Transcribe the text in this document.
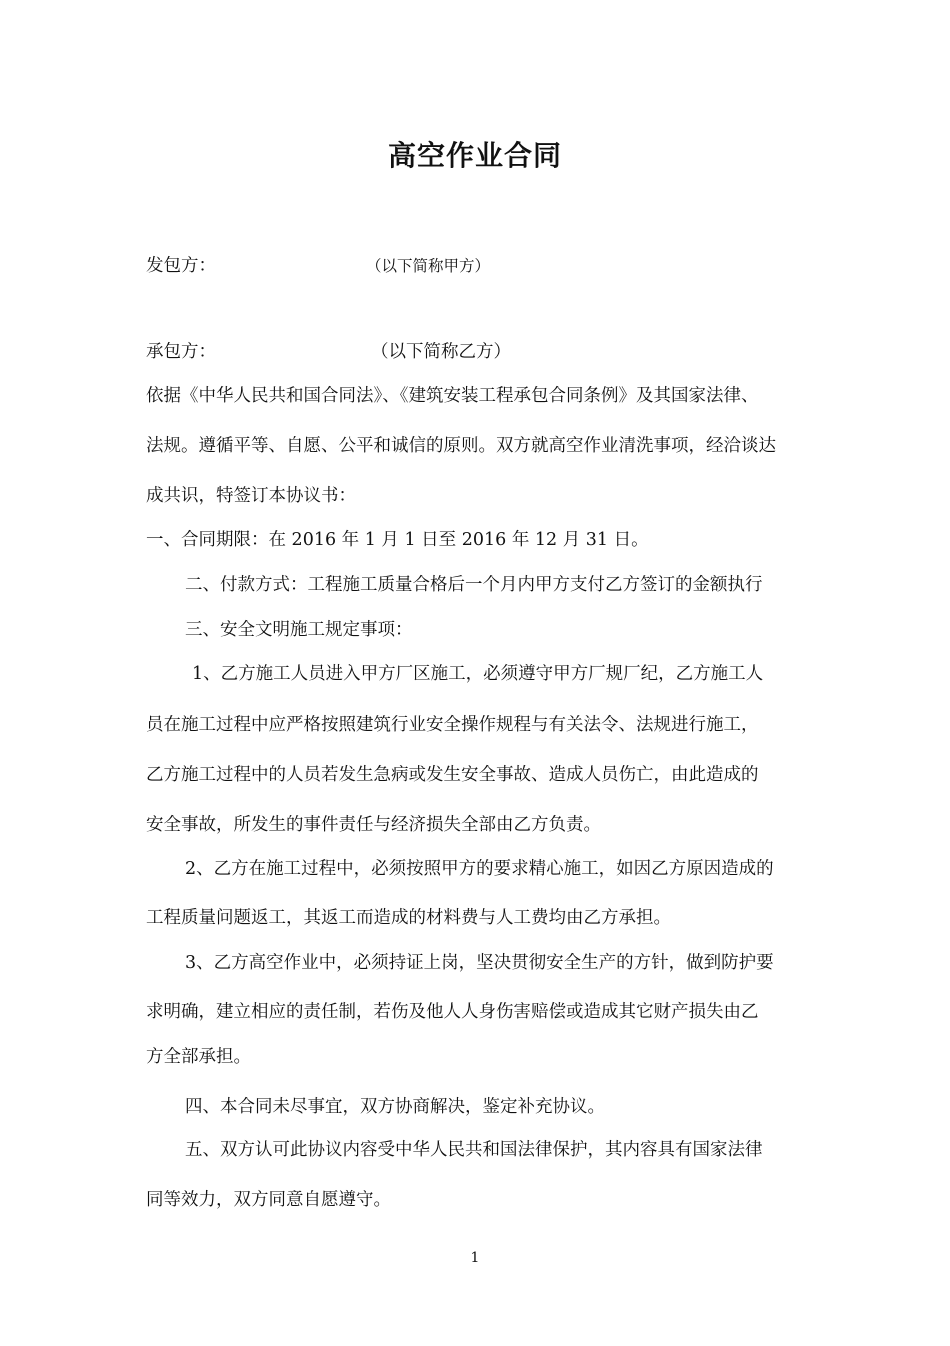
高空作业合同
发包方：	（以下简称甲方）
承包方：	（以下简称乙方）
依据《中华人民共和国合同法》、《建筑安装工程承包合同条例》及其国家法律、
法规。遵循平等、自愿、公平和诚信的原则。双方就高空作业清洗事项，经洽谈达
成共识，特签订本协议书：
一、合同期限：在 2016 年 1 月 1 日至 2016 年 12 月 31 日。
二、付款方式：工程施工质量合格后一个月内甲方支付乙方签订的金额执行
三、安全文明施工规定事项：
1、乙方施工人员进入甲方厂区施工，必须遵守甲方厂规厂纪，乙方施工人
员在施工过程中应严格按照建筑行业安全操作规程与有关法令、法规进行施工，
乙方施工过程中的人员若发生急病或发生安全事故、造成人员伤亡，由此造成的
安全事故，所发生的事件责任与经济损失全部由乙方负责。
2、乙方在施工过程中，必须按照甲方的要求精心施工，如因乙方原因造成的
工程质量问题返工，其返工而造成的材料费与人工费均由乙方承担。
3、乙方高空作业中，必须持证上岗，坚决贯彻安全生产的方针，做到防护要
求明确，建立相应的责任制，若伤及他人人身伤害赔偿或造成其它财产损失由乙
方全部承担。
四、本合同未尽事宜，双方协商解决，鉴定补充协议。
五、双方认可此协议内容受中华人民共和国法律保护，其内容具有国家法律
同等效力，双方同意自愿遵守。
1
